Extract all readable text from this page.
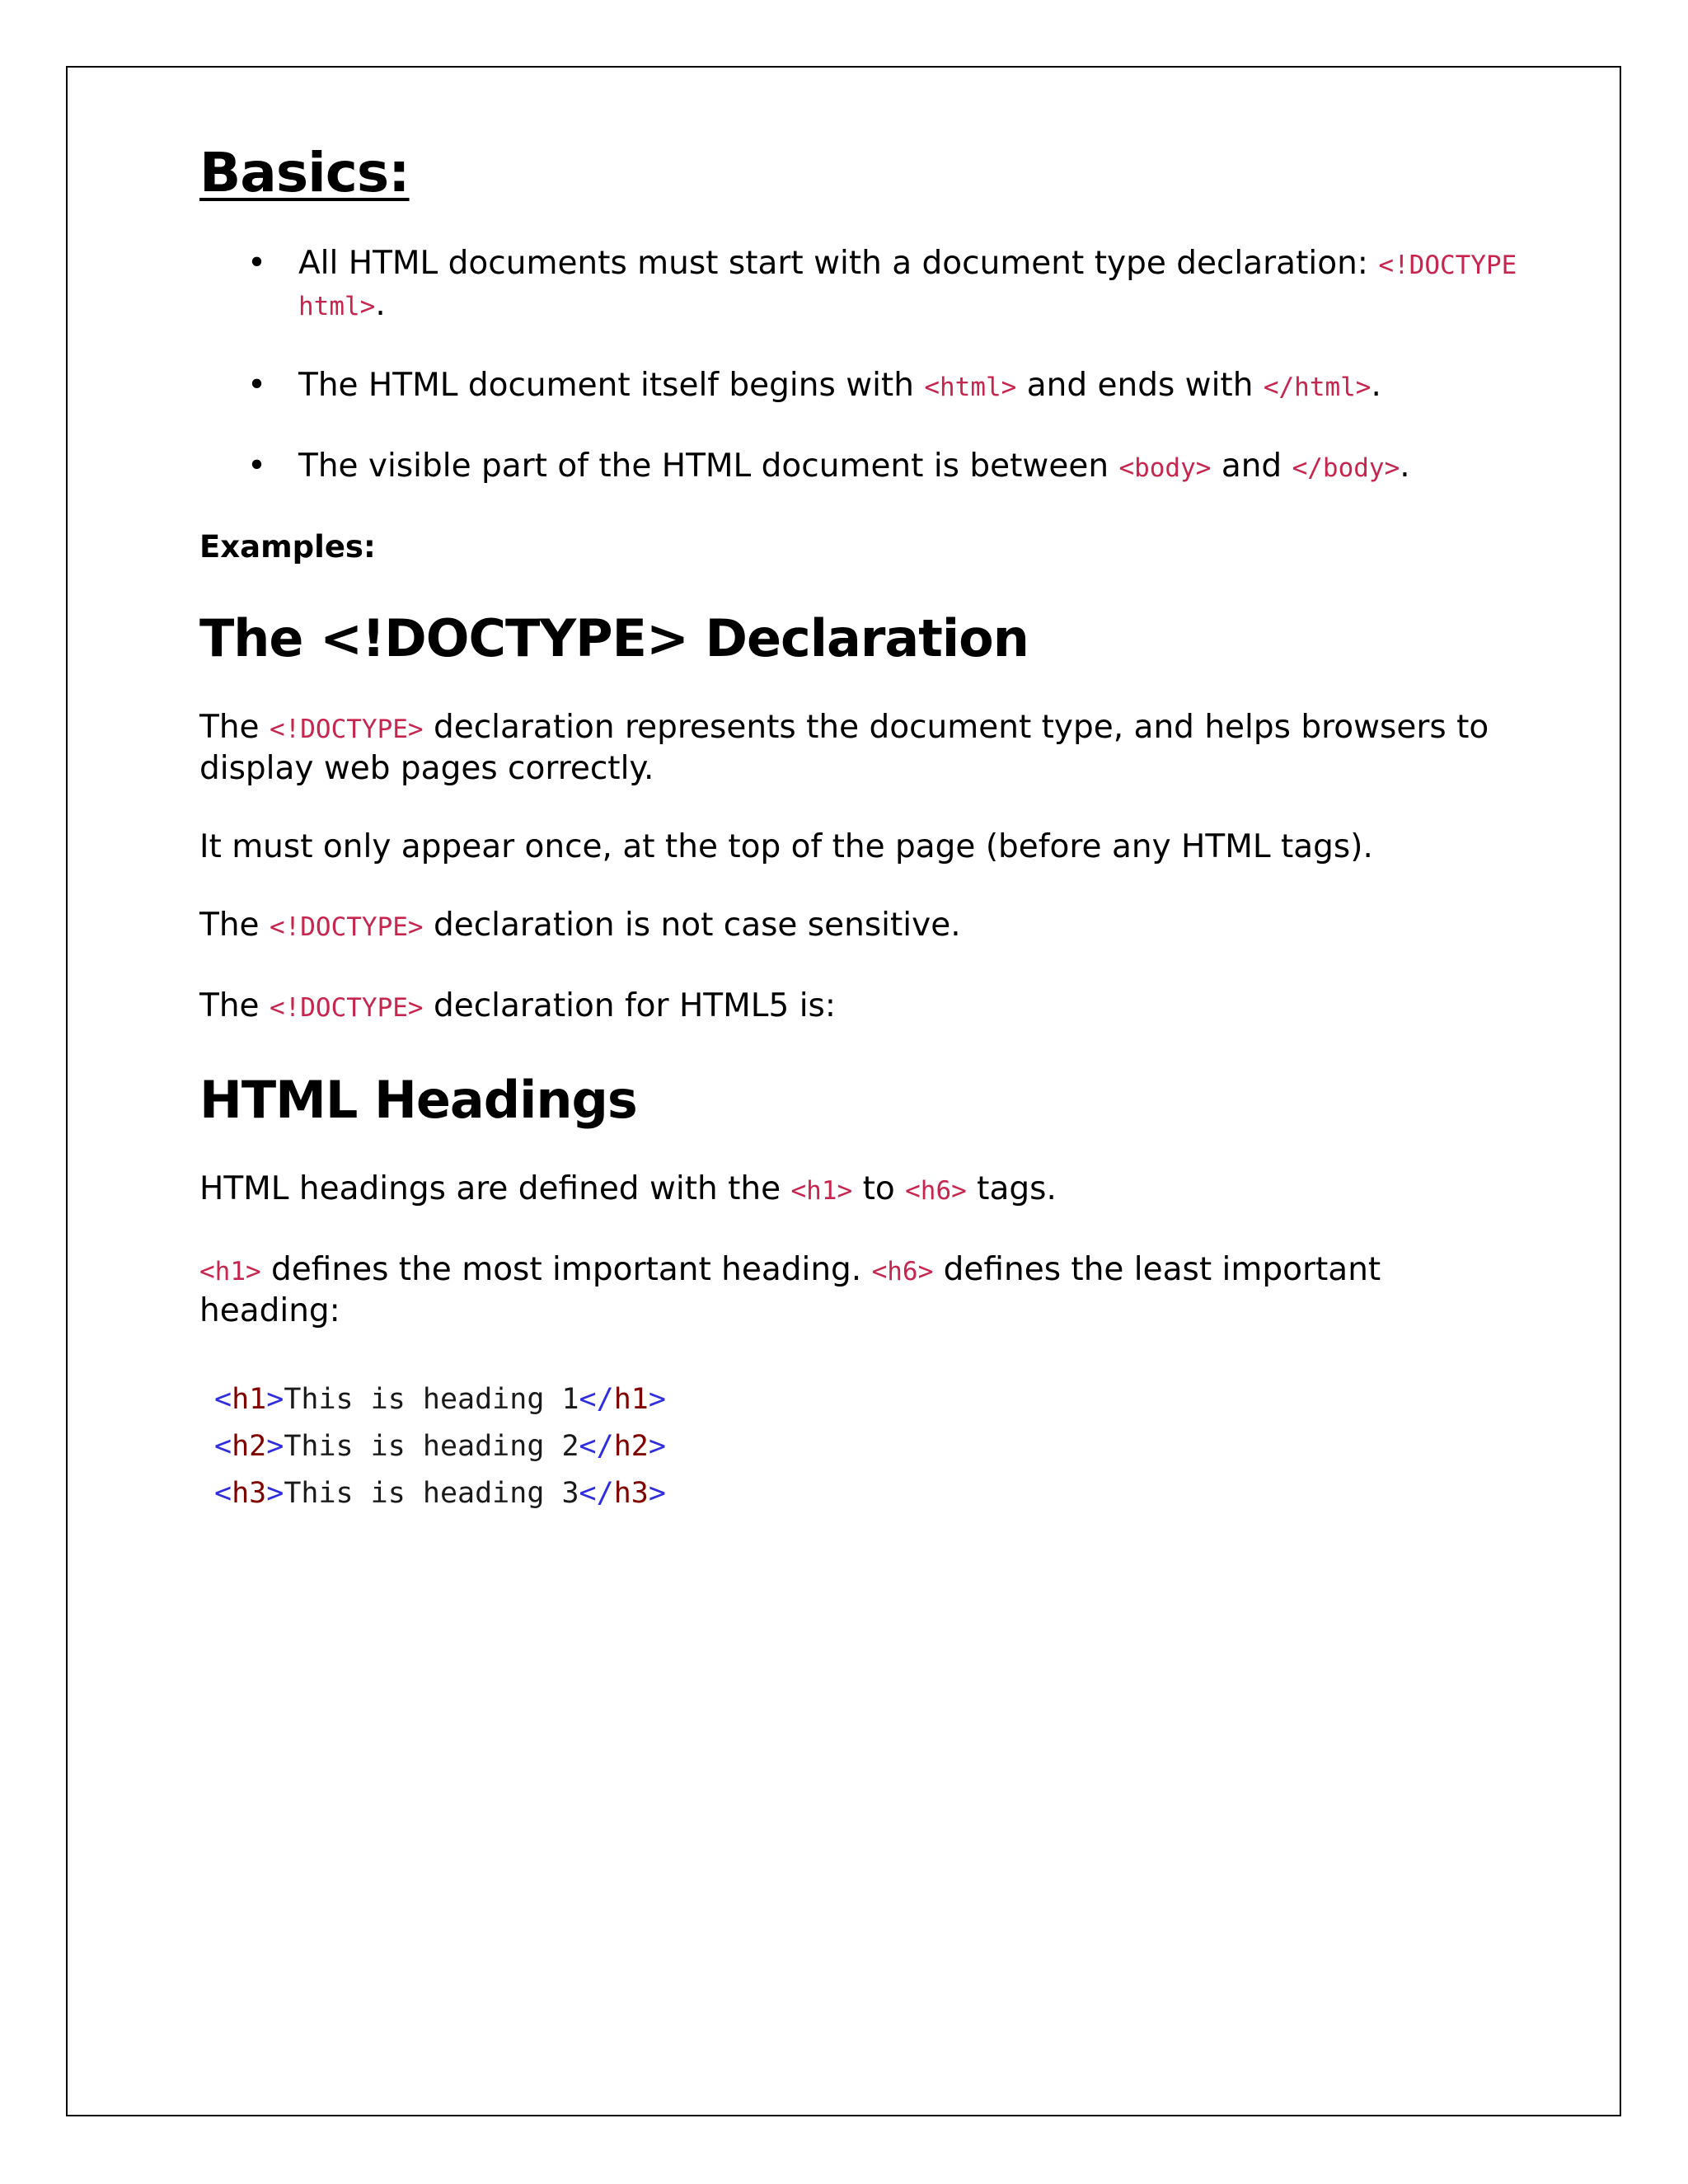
Basics:
• All HTML documents must start with a document type declaration: <!DOCTYPE html>.
• The HTML document itself begins with <html> and ends with </html>.
• The visible part of the HTML document is between <body> and </body>.
Examples:
The <!DOCTYPE> Declaration

The <!DOCTYPE> declaration represents the document type, and helps browsers to display web pages correctly.

It must only appear once, at the top of the page (before any HTML tags).

The <!DOCTYPE> declaration is not case sensitive.

The <!DOCTYPE> declaration for HTML5 is:

HTML Headings

HTML headings are defined with the <h1> to <h6> tags.

<h1> defines the most important heading. <h6> defines the least important heading:

<h1>This is heading 1</h1>
<h2>This is heading 2</h2>
<h3>This is heading 3</h3>
